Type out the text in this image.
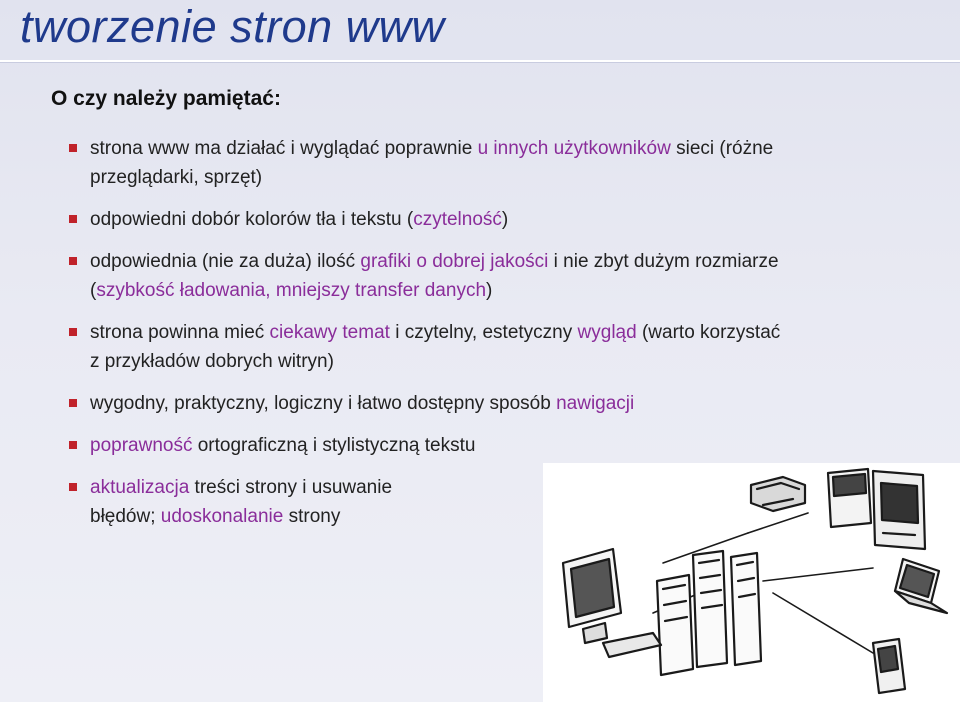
tworzenie stron www
O czy należy pamiętać:
strona www ma działać i wyglądać poprawnie u innych użytkowników sieci (różne
przeglądarki, sprzęt)
odpowiedni dobór kolorów tła i tekstu (czytelność)
odpowiednia (nie za duża) ilość grafiki o dobrej jakości i nie zbyt dużym rozmiarze
(szybkość ładowania, mniejszy transfer danych)
strona powinna mieć ciekawy temat i czytelny, estetyczny wygląd (warto korzystać
z przykładów dobrych witryn)
wygodny, praktyczny, logiczny i łatwo dostępny sposób nawigacji
poprawność ortograficzną i stylistyczną tekstu
aktualizacja treści strony i usuwanie
błędów; udoskonalanie strony
